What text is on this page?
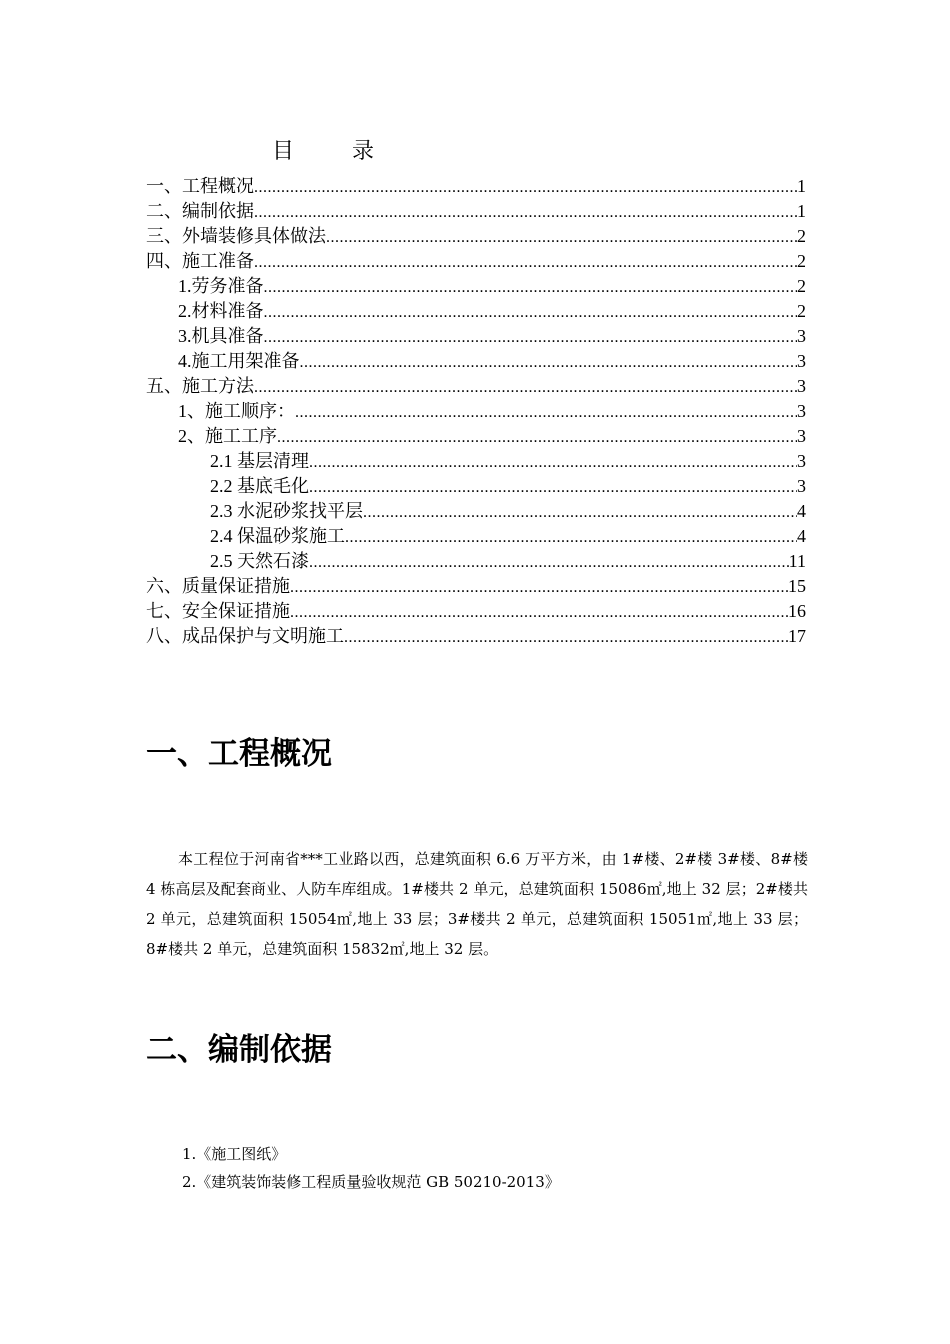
目	录
一、工程概况 .....	1
二、编制依据 .....	1
三、外墙装修具体做法 .....	2
四、施工准备 .....	2
1.劳务准备 .....	2
2.材料准备 .....	2
3.机具准备 .....	3
4.施工用架准备 .....	3
五、施工方法 .....	3
1、施工顺序： .....	3
2、施工工序 .....	3
2.1 基层清理 .....	3
2.2 基底毛化 .....	3
2.3 水泥砂浆找平层 .....	4
2.4 保温砂浆施工 .....	4
2.5 天然石漆 .....	11
六、质量保证措施 .....	15
七、安全保证措施 .....	16
八、成品保护与文明施工 .....	17
一、工程概况

本工程位于河南省***工业路以西，总建筑面积 6.6 万平方米，由 1#楼、2#楼 3#楼、8#楼 4 栋高层及配套商业、人防车库组成。1#楼共 2 单元，总建筑面积 15086㎡,地上 32 层；2#楼共 2 单元，总建筑面积 15054㎡,地上 33 层；3#楼共 2 单元，总建筑面积 15051㎡,地上 33 层； 8#楼共 2 单元，总建筑面积 15832㎡,地上 32 层。

二、编制依据
1.《施工图纸》
2.《建筑装饰装修工程质量验收规范 GB 50210-2013》
